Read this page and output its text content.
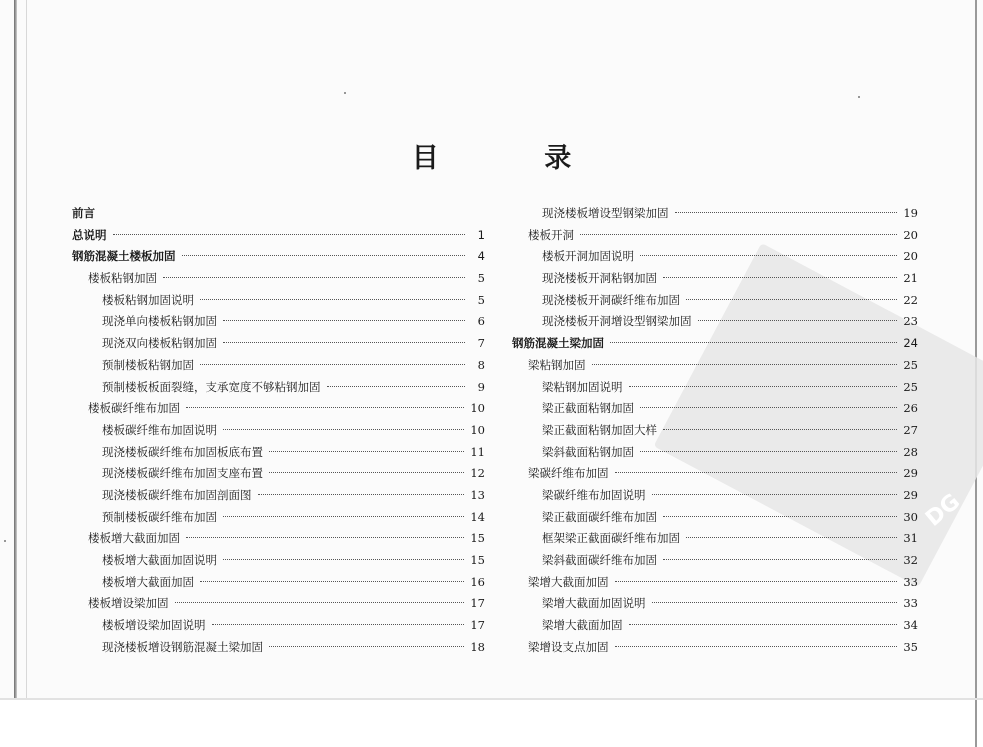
DG
目 录
前言
总说明	1
钢筋混凝土楼板加固	4
楼板粘钢加固	5
楼板粘钢加固说明	5
现浇单向楼板粘钢加固	6
现浇双向楼板粘钢加固	7
预制楼板粘钢加固	8
预制楼板板面裂缝，支承宽度不够粘钢加固	9
楼板碳纤维布加固	10
楼板碳纤维布加固说明	10
现浇楼板碳纤维布加固板底布置	11
现浇楼板碳纤维布加固支座布置	12
现浇楼板碳纤维布加固剖面图	13
预制楼板碳纤维布加固	14
楼板增大截面加固	15
楼板增大截面加固说明	15
楼板增大截面加固	16
楼板增设梁加固	17
楼板增设梁加固说明	17
现浇楼板增设钢筋混凝土梁加固	18
现浇楼板增设型钢梁加固	19
楼板开洞	20
楼板开洞加固说明	20
现浇楼板开洞粘钢加固	21
现浇楼板开洞碳纤维布加固	22
现浇楼板开洞增设型钢梁加固	23
钢筋混凝土梁加固	24
梁粘钢加固	25
梁粘钢加固说明	25
梁正截面粘钢加固	26
梁正截面粘钢加固大样	27
梁斜截面粘钢加固	28
梁碳纤维布加固	29
梁碳纤维布加固说明	29
梁正截面碳纤维布加固	30
框架梁正截面碳纤维布加固	31
梁斜截面碳纤维布加固	32
梁增大截面加固	33
梁增大截面加固说明	33
梁增大截面加固	34
梁增设支点加固	35
